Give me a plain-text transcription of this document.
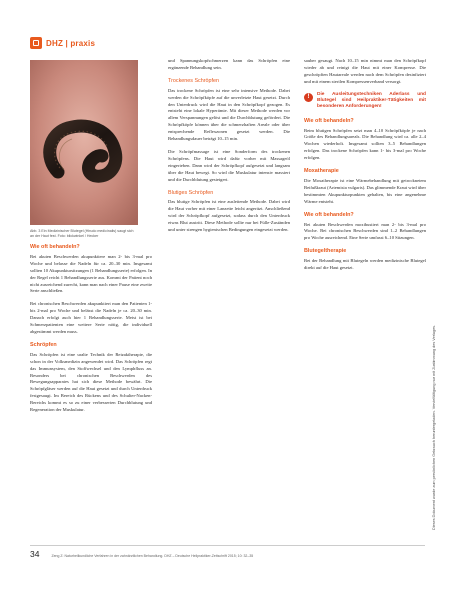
DHZ | praxis
Abb. 3 Ein Medizinischer Blutegel (Hirudo medicinalis) saugt sich an der Haut fest. Foto: blickwinkel / Hecker
Wie oft behandeln?

Bei akuten Beschwerden akupunktiere man 2- bis 3-mal pro Woche und belasse die Nadeln für ca. 20–30 min. Insgesamt sollten 10 Akupunktursitzungen (1 Behandlungsserie) erfolgen. In der Regel reicht 1 Behandlungsserie aus. Kommt der Patient noch nicht ausreichend zurecht, kann man nach einer Pause eine zweite Serie anschließen.

Bei chronischen Beschwerden akupunktiert man den Patienten 1- bis 2-mal pro Woche und belässt die Nadeln je ca. 20–30 min. Danach erfolgt auch hier 1 Behandlungsserie. Meist ist bei Schmerzpatienten eine weitere Serie nötig, die individuell abgestimmt werden muss.

Schröpfen

Das Schröpfen ist eine uralte Technik der Reizaktherapie, die schon in der Volksmedizin angewendet wird. Das Schröpfen regt das Immunsystem, den Stoffwechsel und den Lymphfluss an. Besonders bei chronischen Beschwerden des Bewegungsapparates hat sich diese Methode bewährt. Die Schröpfgläser werden auf die Haut gesetzt und durch Unterdruck festgesaugt. Im Bereich des Rückens und des Schulter-Nacken-Bereichs kommt es so zu einer verbesserten Durchblutung und Regeneration der Muskulatur.

und Spannungskopfschmerzen kann das Schröpfen eine ergänzende Behandlung sein.

Trockenes Schröpfen

Das trockene Schröpfen ist eine sehr intensive Methode. Dabei werden die Schröpfköpfe auf die unverletzte Haut gesetzt. Durch den Unterdruck wird die Haut in den Schröpfkopf gezogen. Es entsteht eine lokale Hyperämie. Mit dieser Methode werden vor allem Verspannungen gelöst und die Durchblutung gefördert. Die Schröpfköpfe können über die schmerzhaften Areale oder über entsprechende Reflexzonen gesetzt werden. Die Behandlungsdauer beträgt 10–15 min.

Die Schröpfmassage ist eine Sonderform des trockenen Schröpfens. Die Haut wird dafür vorher mit Massageöl eingerieben. Dann wird der Schröpfkopf aufgesetzt und langsam über die Haut bewegt. So wird die Muskulatur intensiv massiert und die Durchblutung gesteigert.

Blutiges Schröpfen

Das blutige Schröpfen ist eine ausleitende Methode. Dabei wird die Haut vorher mit einer Lanzette leicht angeritzt. Anschließend wird der Schröpfkopf aufgesetzt, sodass durch den Unterdruck etwas Blut austritt. Diese Methode sollte nur bei Fülle-Zuständen und unter strengen hygienischen Bedingungen eingesetzt werden.

sauber gesaugt. Nach 10–15 min nimmt man den Schröpfkopf wieder ab und reinigt die Haut mit einer Kompresse. Die geschröpften Hautareale werden nach dem Schröpfen desinfiziert und mit einem sterilen Kompressenverband versorgt.

!	Die Ausleitungstechniken Aderlass und Blutegel sind Heilpraktiker-Tätigkeiten mit besonderen Anforderungen!
Wie oft behandeln?

Beim blutigen Schröpfen setzt man 4–10 Schröpfköpfe je nach Größe des Behandlungsareals. Die Behandlung wird ca. alle 2–4 Wochen wiederholt. Insgesamt sollten 3–5 Behandlungen erfolgen. Das trockene Schröpfen kann 1- bis 3-mal pro Woche erfolgen.

Moxatherapie

Die Moxatherapie ist eine Wärmebehandlung mit getrocknetem Beifußkraut (Artemisia vulgaris). Das glimmende Kraut wird über bestimmten Akupunkturpunkten gehalten, bis eine angenehme Wärme entsteht.

Wie oft behandeln?

Bei akuten Beschwerden moxibustiert man 2- bis 3-mal pro Woche. Bei chronischen Beschwerden sind 1–2 Behandlungen pro Woche ausreichend. Eine Serie umfasst 6–10 Sitzungen.

Blutegeltherapie

Bei der Behandlung mit Blutegeln werden medizinische Blutegel direkt auf die Haut gesetzt.

Dieses Dokument wurde zum persönlichen Gebrauch heruntergeladen. Vervielfältigung nur mit Zustimmung des Verlages.
34	Zeng Z: Naturheilkundliche Verfahren in der zahnärztlichen Behandlung. DHZ – Deutsche Heilpraktiker-Zeitschrift 2015; 10: 32–35
